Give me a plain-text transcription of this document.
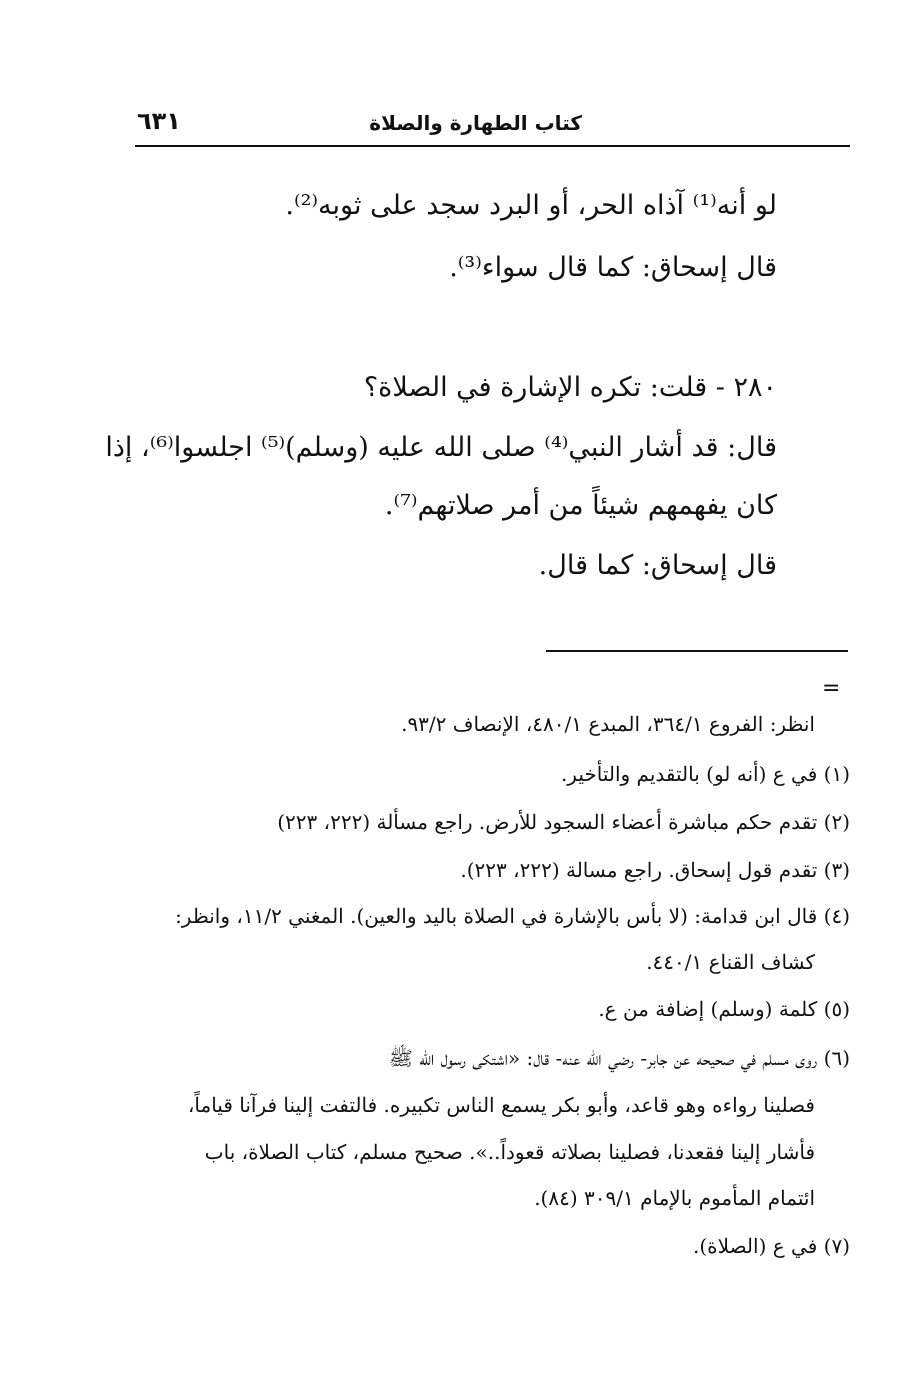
كتاب الطهارة والصلاة
٦٣١
لو أنه⁽¹⁾ آذاه الحر، أو البرد سجد على ثوبه⁽²⁾.
قال إسحاق: كما قال سواء⁽³⁾.
٢٨٠ - قلت: تكره الإشارة في الصلاة؟
قال: قد أشار النبي⁽⁴⁾ صلى الله عليه (وسلم)⁽⁵⁾ اجلسوا⁽⁶⁾، إذا
كان يفهمهم شيئاً من أمر صلاتهم⁽⁷⁾.
قال إسحاق: كما قال.
=
انظر: الفروع ٣٦٤/١، المبدع ٤٨٠/١، الإنصاف ٩٣/٢.
(١) في ع (أنه لو) بالتقديم والتأخير.
(٢) تقدم حكم مباشرة أعضاء السجود للأرض. راجع مسألة (٢٢٢، ٢٢٣)
(٣) تقدم قول إسحاق. راجع مسالة (٢٢٢، ٢٢٣).
(٤) قال ابن قدامة: (لا بأس بالإشارة في الصلاة باليد والعين). المغني ١١/٢، وانظر:
كشاف القناع ٤٤٠/١.
(٥) كلمة (وسلم) إضافة من ع.
(٦) روى مسلم في صحيحه عن جابر- رضي الله عنه- قال: «اشتكى رسول الله ﷺ
فصلينا رواءه وهو قاعد، وأبو بكر يسمع الناس تكبيره. فالتفت إلينا فرآنا قياماً،
فأشار إلينا فقعدنا، فصلينا بصلاته قعوداً..». صحيح مسلم، كتاب الصلاة، باب
ائتمام المأموم بالإمام ٣٠٩/١ (٨٤).
(٧) في ع (الصلاة).
